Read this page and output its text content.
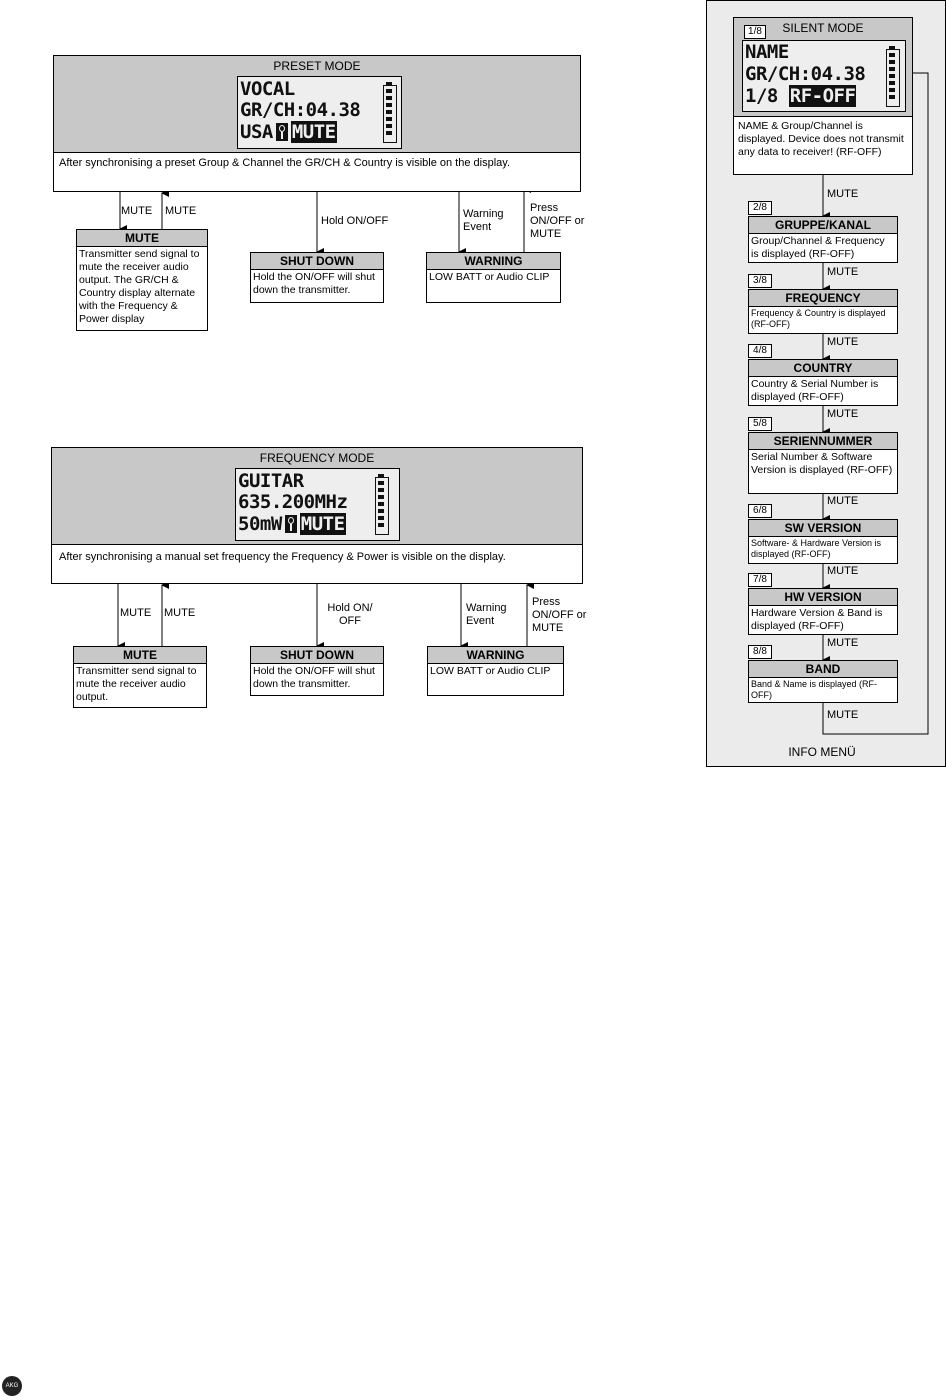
PRESET MODE
VOCAL
GR/CH:04.38
USA MUTE
After synchronising a preset Group & Channel the GR/CH & Country is visible on the display.
MUTE MUTE
Hold ON/OFF
Warning Event
Press ON/OFF or MUTE
MUTE
Transmitter send signal to mute the receiver audio output. The GR/CH & Country display alternate with the Frequency & Power display
SHUT DOWN
Hold the ON/OFF will shut down the transmitter.
WARNING
LOW BATT or Audio CLIP
FREQUENCY MODE
GUITAR
635.200MHz
50mW MUTE
After synchronising a manual set frequency the Frequency & Power is visible on the display.
MUTE MUTE	Hold ON/ OFF
Warning Event
Press ON/OFF or MUTE
MUTE
Transmitter send signal to mute the receiver audio output.
SHUT DOWN
Hold the ON/OFF will shut down the transmitter.
WARNING
LOW BATT or Audio CLIP
1/8	SILENT MODE
NAME
GR/CH:04.38
1/8 RF-OFF
NAME & Group/Channel is displayed. Device does not transmit any data to receiver! (RF-OFF)
MUTE
MUTE
MUTE
MUTE
MUTE
MUTE
MUTE
MUTE
2/8
GRUPPE/KANAL
Group/Channel & Frequency is displayed (RF-OFF)
3/8
FREQUENCY
Frequency & Country is displayed (RF-OFF)
4/8
COUNTRY
Country & Serial Number is displayed (RF-OFF)
5/8
SERIENNUMMER
Serial Number & Software Version is displayed (RF-OFF)
6/8
SW VERSION
Software- & Hardware Version is displayed (RF-OFF)
7/8
HW VERSION
Hardware Version & Band is displayed (RF-OFF)
8/8
BAND
Band & Name is displayed (RF-OFF)
INFO MENÜ
AKG
